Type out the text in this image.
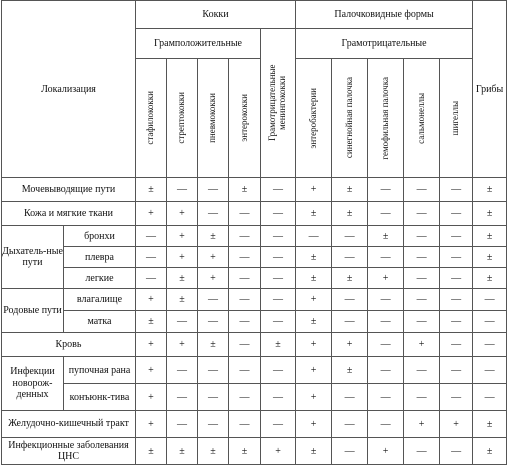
Локализация		Кокки					Палочковидные формы					Грибы
		Грамположительные				Грамотрицательные менингококки	Грамотрицательные					

		стафилококки	стрептококки	пневмококки	энтерококки		энтеробактерии	синегнойная палочка	гемофильная палочка	сальмонеллы	шигеллы	

Мочевыводящие пути		±	—	—	±	—	+	±	—	—	—	±
Кожа и мягкие ткани		+	+	—	—	—	±	±	—	—	—	±
Дыхатель-ные пути	бронхи	—	+	±	—	—	—	—	±	—	—	±
	плевра	—	+	+	—	—	±	—	—	—	—	±
	легкие	—	±	+	—	—	±	±	+	—	—	±
Родовые пути	влагалище	+	±	—	—	—	+	—	—	—	—	—
	матка	±	—	—	—	—	±	—	—	—	—	—
Кровь		+	+	±	—	±	+	+	—	+	—	—
Инфекции новорож-денных	пупочная рана	+	—	—	—	—	+	±	—	—	—	—
	конъюнк-тива	+	—	—	—	—	+	—	—	—	—	—
Желудочно-кишечный тракт		+	—	—	—	—	+	—	—	+	+	±
Инфекционные заболевания ЦНС		±	±	±	±	+	±	—	+	—	—	±
